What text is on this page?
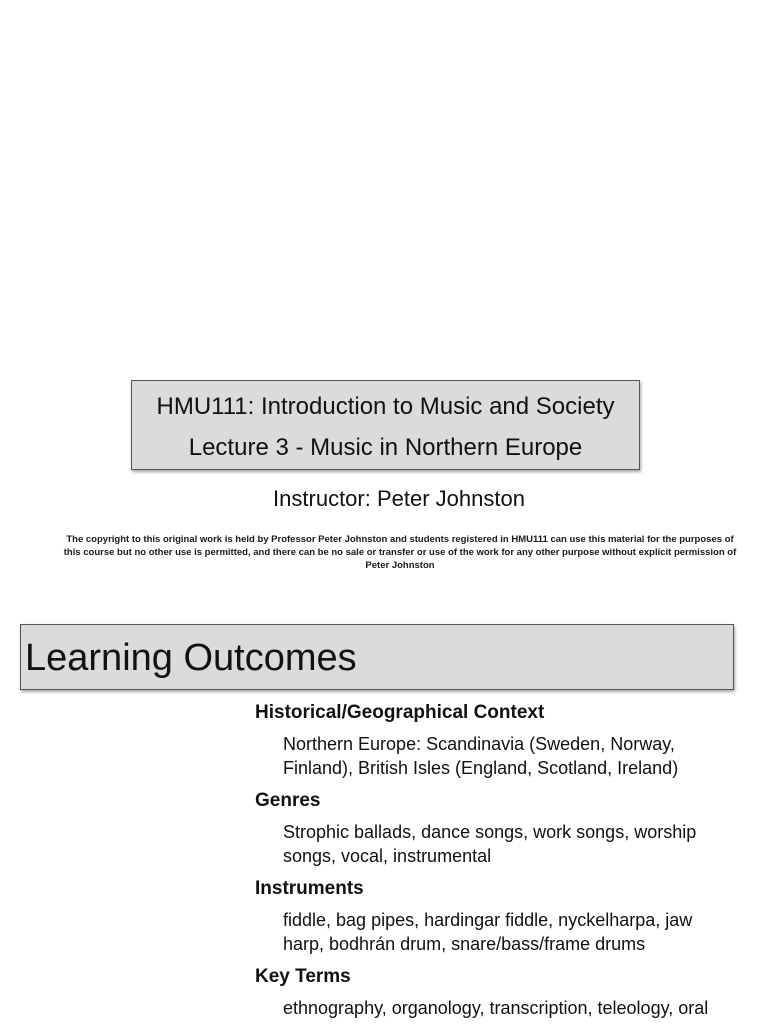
HMU111: Introduction to Music and Society
Lecture 3 - Music in Northern Europe
Instructor: Peter Johnston
The copyright to this original work is held by Professor Peter Johnston and students registered in HMU111 can use this material for the purposes of this course but no other use is permitted, and there can be no sale or transfer or use of the work for any other purpose without explicit permission of Peter Johnston
Learning Outcomes
Historical/Geographical Context
Northern Europe: Scandinavia (Sweden, Norway, Finland), British Isles (England, Scotland, Ireland)
Genres
Strophic ballads, dance songs, work songs, worship songs, vocal, instrumental
Instruments
fiddle, bag pipes, hardingar fiddle, nyckelharpa, jaw harp, bodhrán drum, snare/bass/frame drums
Key Terms
ethnography, organology, transcription, teleology, oral
